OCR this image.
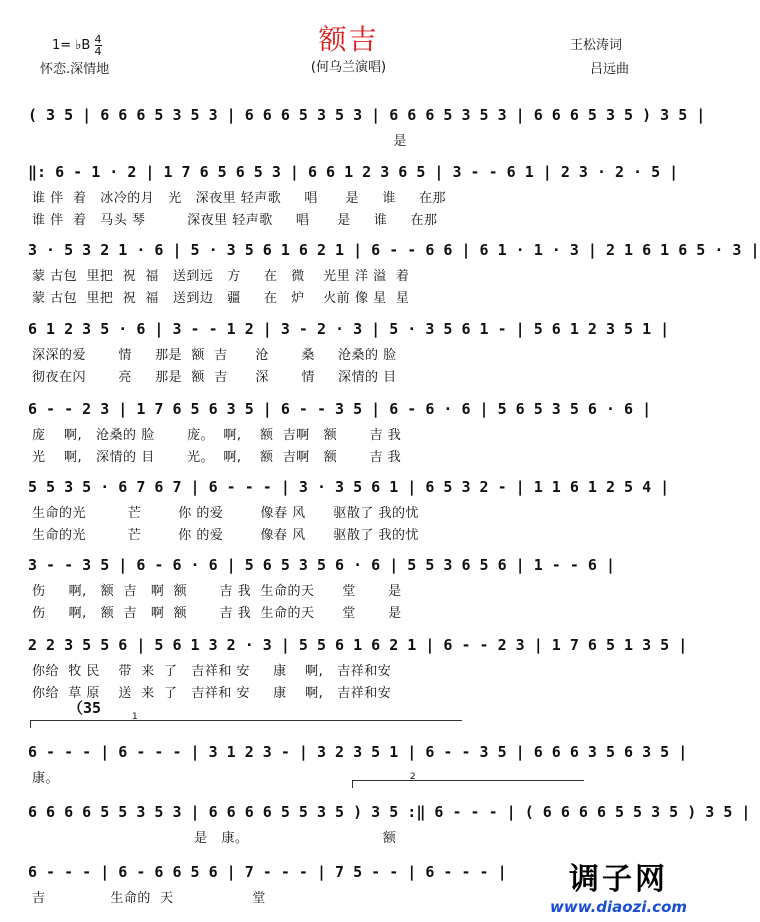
1= ♭B $\frac{4}{4}$
怀恋.深情地
额吉
(何乌兰演唱)
王松涛词
吕远曲
( 3 5 | 6 6 6 5 3 5 3 | 6 6 6 5 3 5 3 | 6 6 6 5 3 5 3 | 6 6 6 5 3 5 ) 3 5 |
是
‖: 6 - 1 · 2 | 1 7 6 5 6 5 3 | 6 6 1 2 3 6 5 | 3 - - 6 1 | 2 3 · 2 · 5 |
谁 伴  着   冰冷的月   光   深夜里 轻声歌     唱      是     谁     在那
谁 伴  着   马头 琴         深夜里 轻声歌     唱      是     谁     在那
3 · 5 3 2 1 · 6 | 5 · 3 5 6 1 6 2 1 | 6 - - 6 6 | 6 1 · 1 · 3 | 2 1 6 1 6 5 · 3 |
蒙 古包  里把  祝  福   送到远   方     在   微    光里 洋 溢  着
蒙 古包  里把  祝  福   送到边   疆     在   炉    火前 像 星  星
6 1 2 3 5 · 6 | 3 - - 1 2 | 3 - 2 · 3 | 5 · 3 5 6 1 - | 5 6 1 2 3 5 1 |
深深的爱       情     那是  额  吉      沧       桑     沧桑的 脸
彻夜在闪       亮     那是  额  吉      深       情     深情的 目
6 - - 2 3 | 1 7 6 5 6 3 5 | 6 - - 3 5 | 6 - 6 · 6 | 5 6 5 3 5 6 · 6 |
庞    啊,   沧桑的 脸       庞。  啊,    额  吉啊   额       吉 我
光    啊,   深情的 目       光。  啊,    额  吉啊   额       吉 我
5 5 3 5 · 6 7 6 7 | 6 - - - | 3 · 3 5 6 1 | 6 5 3 2 - | 1 1 6 1 2 5 4 |
生命的光         芒        你 的爱        像春 风      驱散了 我的忧
生命的光         芒        你 的爱        像春 风      驱散了 我的忧
3 - - 3 5 | 6 - 6 · 6 | 5 6 5 3 5 6 · 6 | 5 5 3 6 5 6 | 1 - - 6 |
伤     啊,   额  吉   啊  额       吉 我  生命的天      堂       是
伤     啊,   额  吉   啊  额       吉 我  生命的天      堂       是
2 2 3 5 5 6 | 5 6 1 3 2 · 3 | 5 5 6 1 6 2 1 | 6 - - 2 3 | 1 7 6 5 1 3 5 |
你给  牧 民    带  来  了   吉祥和 安     康    啊,   吉祥和安
你给  草 原    送  来  了   吉祥和 安     康    啊,   吉祥和安
6 - - - | 6 - - - | 3 1 2 3 - | 3 2 3 5 1 | 6 - - 3 5 | 6 6 6 3 5 6 3 5 |
康。
6 6 6 6 5 5 3 5 3 | 6 6 6 6 5 5 3 5 ) 3 5 :‖ 6 - - - | ( 6 6 6 6 5 5 3 5 ) 3 5 |
是   康。                             额
6 - - - | 6 - 6 6 5 6 | 7 - - - | 7 5 - - | 6 - - - |
吉              生命的  天                 堂
（35	1
2
调子网
www.diaozi.com
